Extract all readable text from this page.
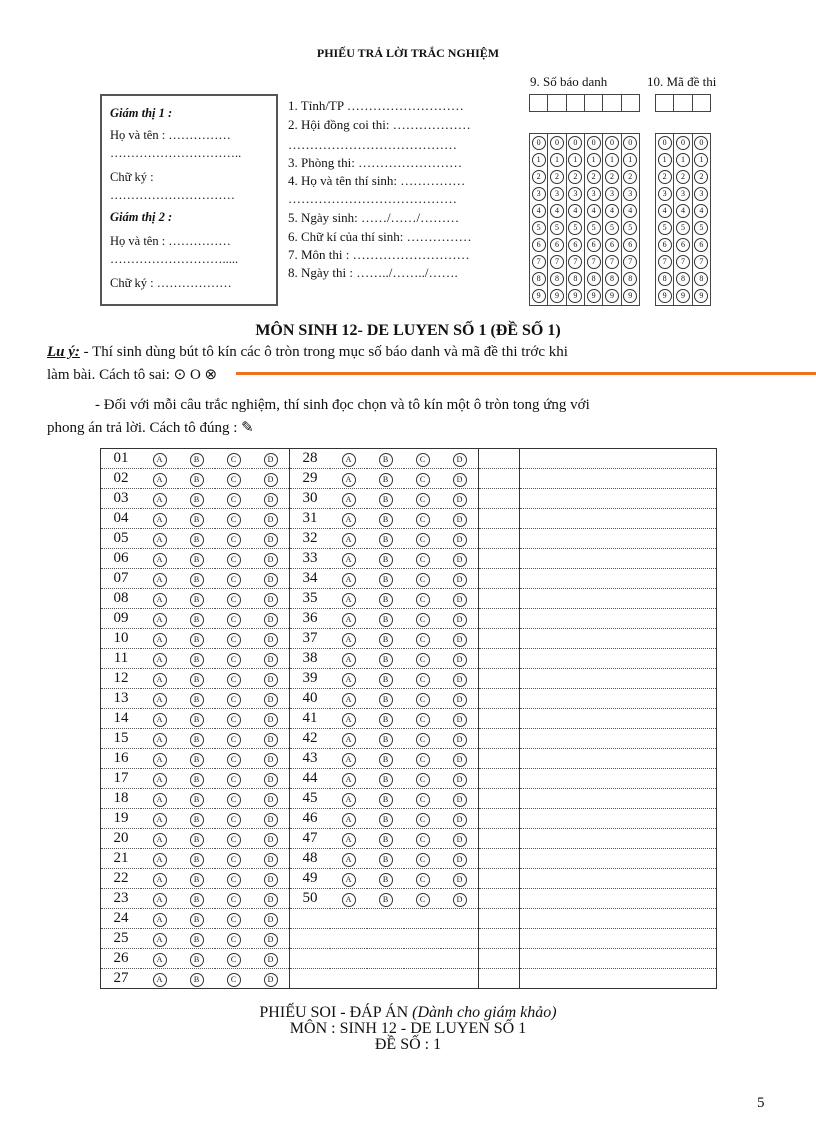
PHIẾU TRẢ LỜI TRẮC NGHIỆM
9. Số báo danh	10. Mã đề thi
Giám thị 1 :
Họ và tên : ……………
…………………………..
Chữ ký :
…………………………
Giám thị 2 :
Họ và tên : ……………
……………………….....
Chữ ký : ………………
1. Tỉnh/TP ………………………
2. Hội đồng coi thi: ………………
…………………………………
3. Phòng thi: ……………………
4. Họ và tên thí sinh: ……………
…………………………………
5. Ngày sinh: ……/……/………
6. Chữ kí của thí sinh: ……………
7. Môn thi : ………………………
8. Ngày thi : ……../……../…….
0
1
2
3
4
5
6
7
8
9
0
1
2
3
4
5
6
7
8
9
0
1
2
3
4
5
6
7
8
9
0
1
2
3
4
5
6
7
8
9
0
1
2
3
4
5
6
7
8
9
0
1
2
3
4
5
6
7
8
9
0
1
2
3
4
5
6
7
8
9
0
1
2
3
4
5
6
7
8
9
0
1
2
3
4
5
6
7
8
9
MÔN SINH 12- DE LUYEN SỐ 1 (ĐỀ SỐ 1)
Lu ý: - Thí sinh dùng bút tô kín các ô tròn trong mục số báo danh và mã đề thi trớc khi
làm bài. Cách tô sai: ⊙ O ⊗
- Đối với mỗi câu trắc nghiệm, thí sinh đọc chọn và tô kín một ô tròn tong ứng với
phong án trả lời. Cách tô đúng : ✎
01	A	B	C	D	28	A	B	C	D		
02	A	B	C	D	29	A	B	C	D		
03	A	B	C	D	30	A	B	C	D		
04	A	B	C	D	31	A	B	C	D		
05	A	B	C	D	32	A	B	C	D		
06	A	B	C	D	33	A	B	C	D		
07	A	B	C	D	34	A	B	C	D		
08	A	B	C	D	35	A	B	C	D		
09	A	B	C	D	36	A	B	C	D		
10	A	B	C	D	37	A	B	C	D		
11	A	B	C	D	38	A	B	C	D		
12	A	B	C	D	39	A	B	C	D		
13	A	B	C	D	40	A	B	C	D		
14	A	B	C	D	41	A	B	C	D		
15	A	B	C	D	42	A	B	C	D		
16	A	B	C	D	43	A	B	C	D		
17	A	B	C	D	44	A	B	C	D		
18	A	B	C	D	45	A	B	C	D		
19	A	B	C	D	46	A	B	C	D		
20	A	B	C	D	47	A	B	C	D		
21	A	B	C	D	48	A	B	C	D		
22	A	B	C	D	49	A	B	C	D		
23	A	B	C	D	50	A	B	C	D		
24	A	B	C	D							
25	A	B	C	D							
26	A	B	C	D							
27	A	B	C	D							
PHIẾU SOI - ĐÁP ÁN (Dành cho giám khảo)
MÔN : SINH 12 - DE LUYEN SỐ 1
ĐỀ SỐ : 1
5
